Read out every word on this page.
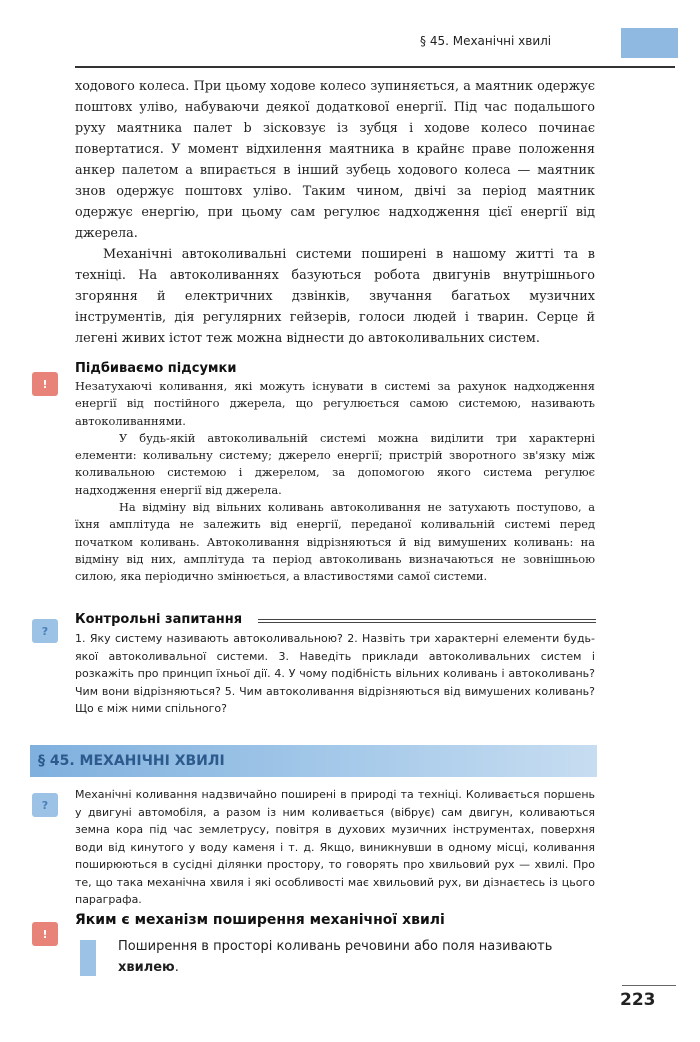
§ 45. Механічні хвилі

ходового колеса. При цьому ходове колесо зупиняється, а маятник одержує поштовх уліво, набуваючи деякої додаткової енергії. Під час подальшого руху маятника палет b зісковзує із зубця і ходове колесо починає повертатися. У момент відхилення маятника в крайнє праве положення анкер палетом a впирається в інший зубець ходового колеса — маятник знов одержує поштовх уліво. Таким чином, двічі за період маятник одержує енергію, при цьому сам регулює надходження цієї енергії від джерела.

Механічні автоколивальні системи поширені в нашому житті та в техніці. На автоколиваннях базуються робота двигунів внутрішнього згоряння й електричних дзвінків, звучання багатьох музичних інструментів, дія регулярних гейзерів, голоси людей і тварин. Серце й легені живих істот теж можна віднести до автоколивальних систем.

!
Підбиваємо підсумки

Незатухаючі коливання, які можуть існувати в системі за рахунок надходження енергії від постійного джерела, що регулюється самою системою, називають автоколиваннями.

У будь-якій автоколивальній системі можна виділити три характерні елементи: коливальну систему; джерело енергії; пристрій зворотного зв'язку між коливальною системою і джерелом, за допомогою якого система регулює надходження енергії від джерела.

На відміну від вільних коливань автоколивання не затухають поступово, а їхня амплітуда не залежить від енергії, переданої коливальній системі перед початком коливань. Автоколивання відрізняються й від вимушених коливань: на відміну від них, амплітуда та період автоколивань визначаються не зовнішньою силою, яка періодично змінюється, а властивостями самої системи.

?
Контрольні запитання
1. Яку систему називають автоколивальною? 2. Назвіть три характерні елементи будь-якої автоколивальної системи. 3. Наведіть приклади автоколивальних систем і розкажіть про принцип їхньої дії. 4. У чому подібність вільних коливань і автоколивань? Чим вони відрізняються? 5. Чим автоколивання відрізняються від вимушених коливань? Що є між ними спільного?
§ 45. МЕХАНІЧНІ ХВИЛІ
?
Механічні коливання надзвичайно поширені в природі та техніці. Коливається поршень у двигуні автомобіля, а разом із ним коливається (вібрує) сам двигун, коливаються земна кора під час землетрусу, повітря в духових музичних інструментах, поверхня води від кинутого у воду каменя і т. д. Якщо, виникнувши в одному місці, коливання поширюються в сусідні ділянки простору, то говорять про хвильовий рух — хвилі. Про те, що така механічна хвиля і які особливості має хвильовий рух, ви дізнаєтесь із цього параграфа.
!
Яким є механізм поширення механічної хвилі
Поширення в просторі коливань речовини або поля називають хвилею.
223
